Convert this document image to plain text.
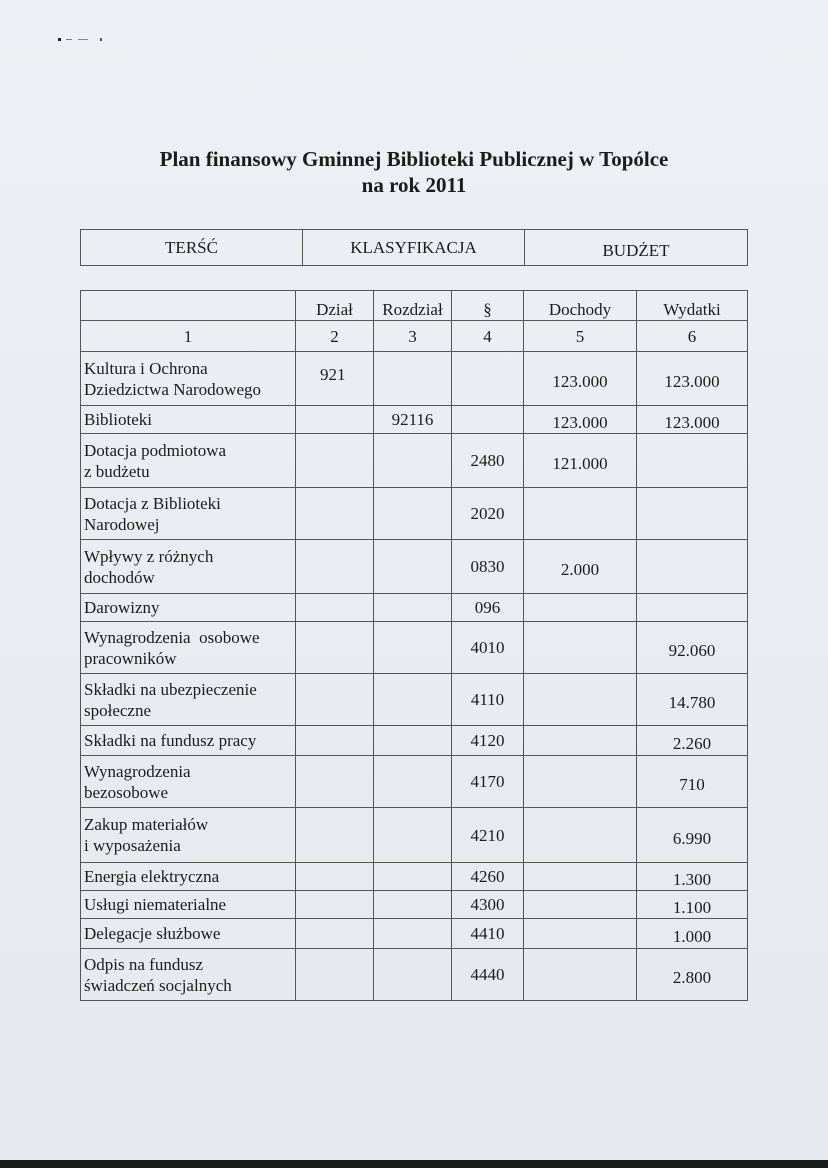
Plan finansowy Gminnej Biblioteki Publicznej w Topólce
na rok 2011
TERŚĆ	KLASYFIKACJA	BUDŻET
	Dział	Rozdział	§	Dochody	Wydatki
1	2	3	4	5	6

Kultura i Ochrona
Dziedzictwa Narodowego	921			123.000	123.000

Biblioteki		92116		123.000	123.000

Dotacja podmiotowa
z budżetu			2480	121.000	

Dotacja z Biblioteki
Narodowej			2020		

Wpływy z różnych
dochodów			0830	2.000	

Darowizny			096		

Wynagrodzenia  osobowe
pracowników			4010		92.060

Składki na ubezpieczenie
społeczne			4110		14.780

Składki na fundusz pracy			4120		2.260

Wynagrodzenia
bezosobowe			4170		710

Zakup materiałów
i wyposażenia			4210		6.990

Energia elektryczna			4260		1.300

Usługi niematerialne			4300		1.100

Delegacje służbowe			4410		1.000

Odpis na fundusz
świadczeń socjalnych			4440		2.800
